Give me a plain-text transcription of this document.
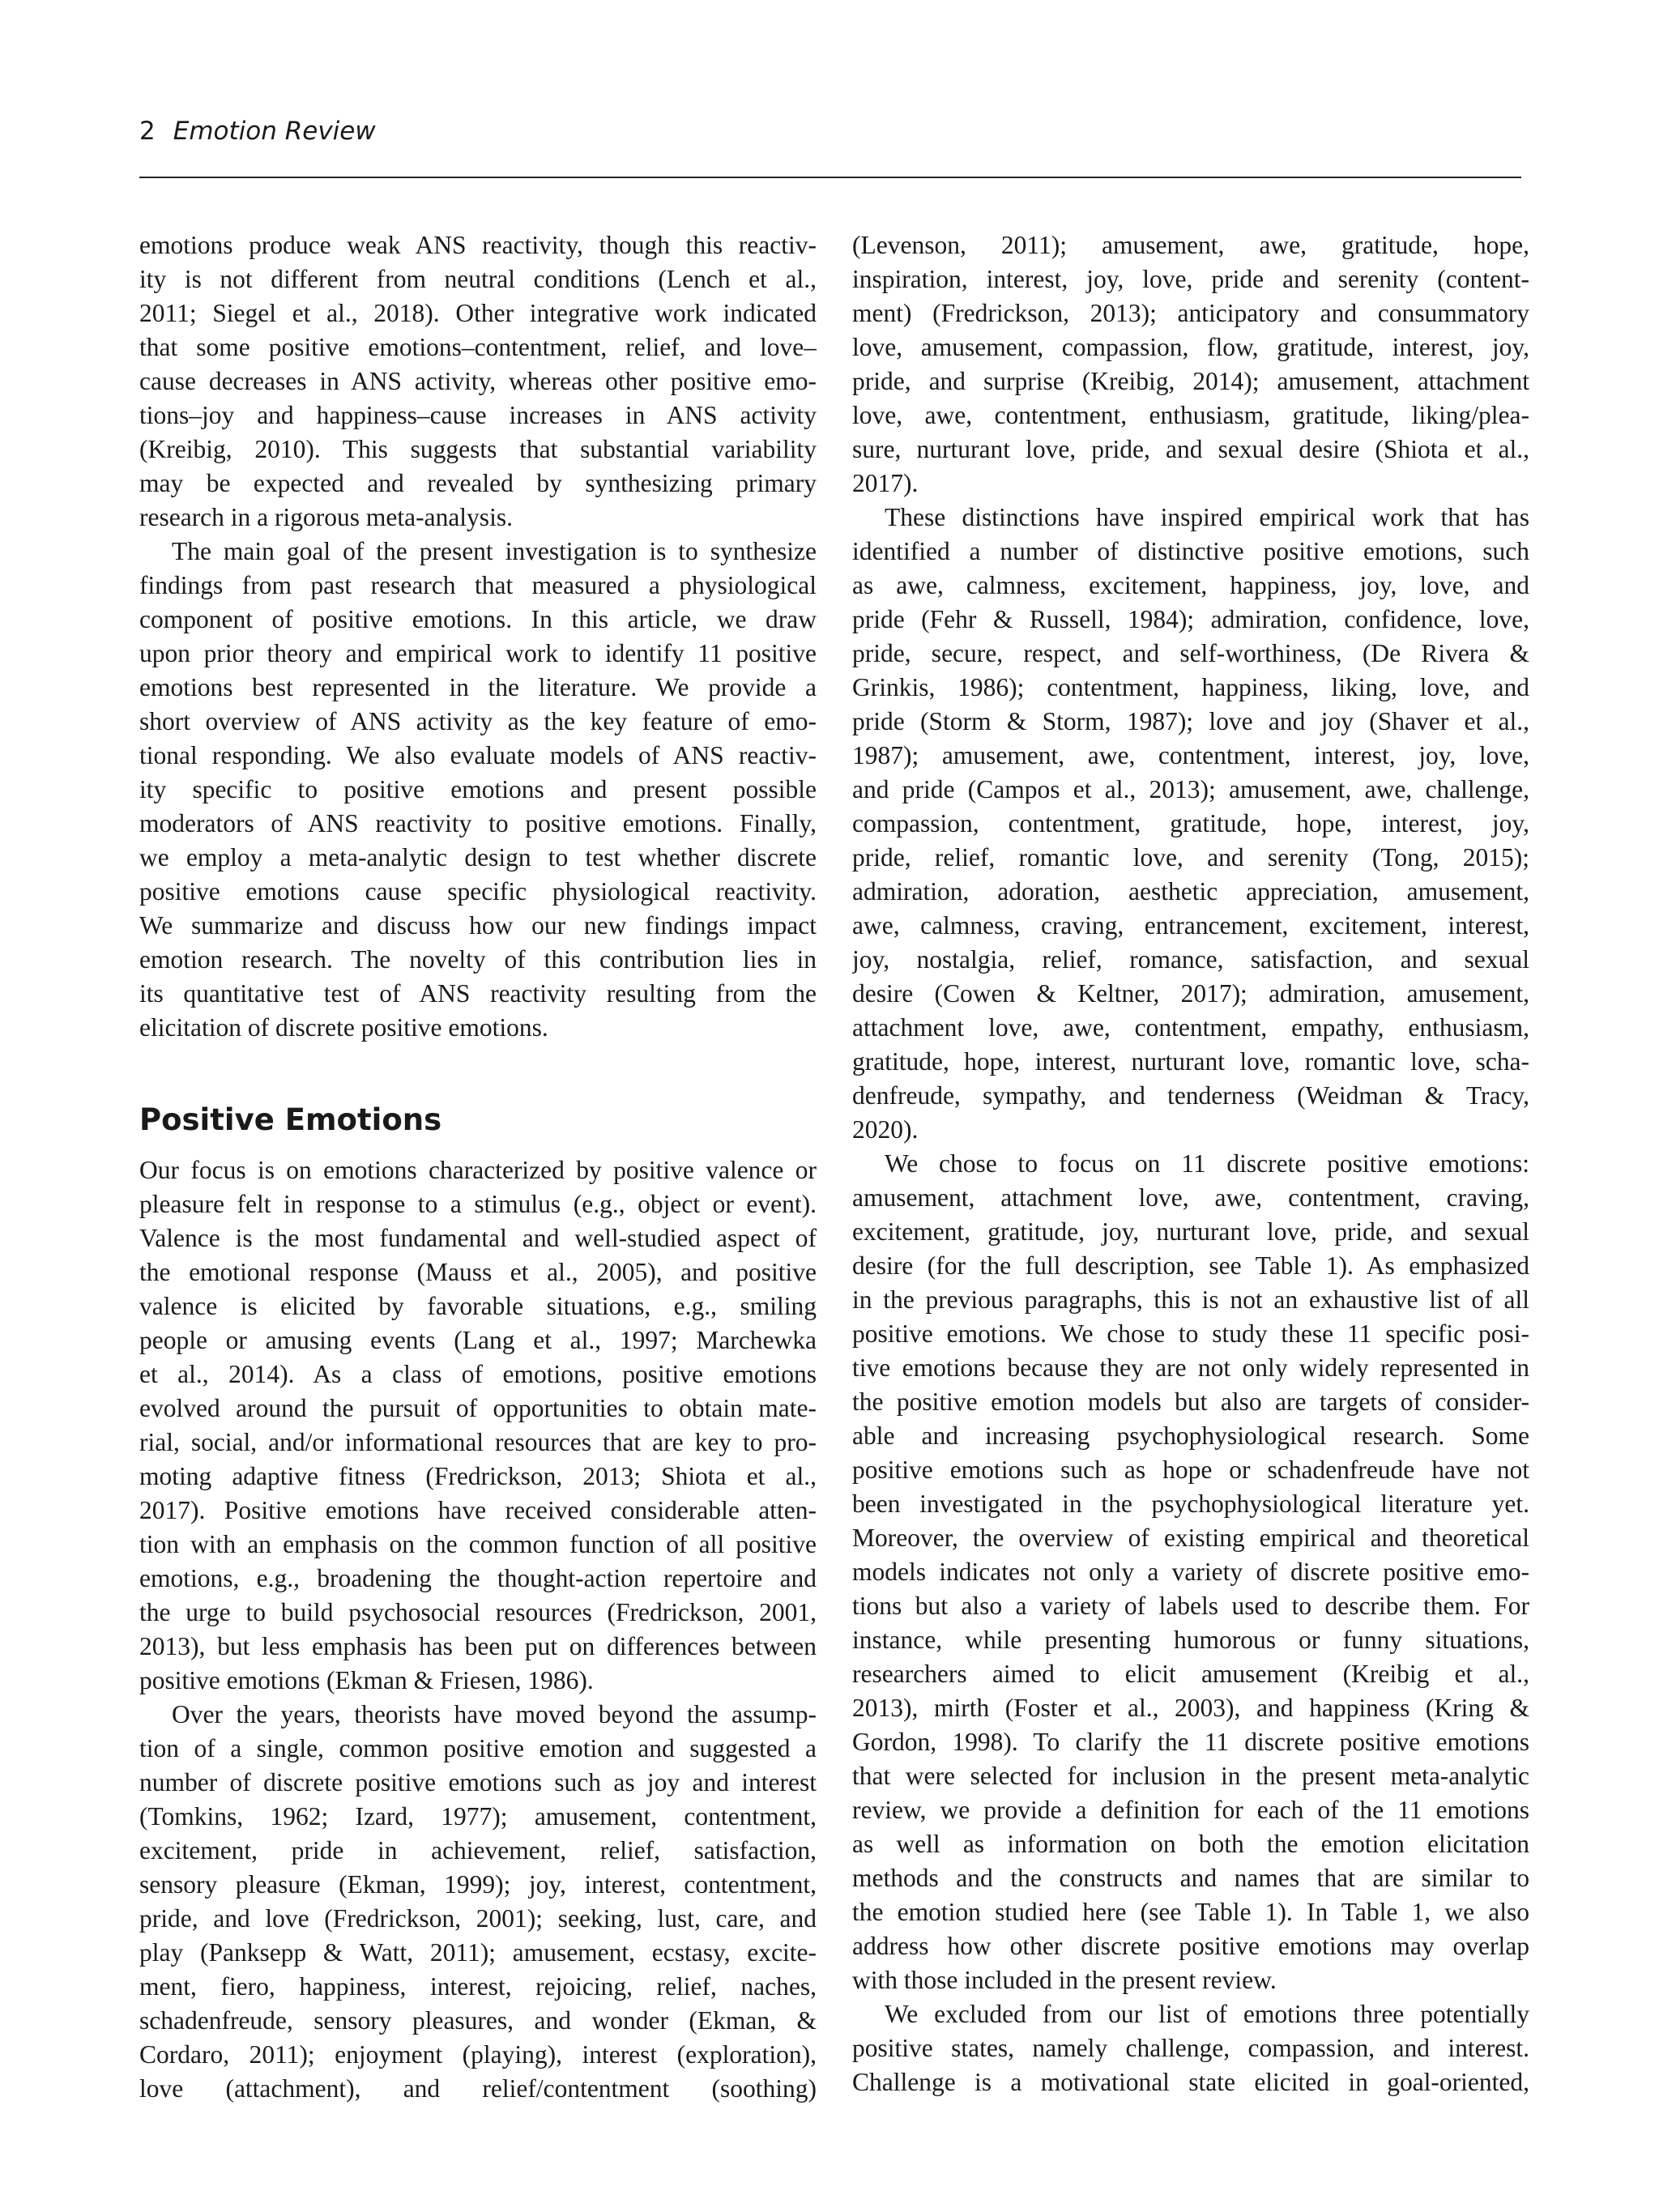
2 Emotion Review
emotions produce weak ANS reactivity, though this reactiv-
ity is not different from neutral conditions (Lench et al.,
2011; Siegel et al., 2018). Other integrative work indicated
that some positive emotions–contentment, relief, and love–
cause decreases in ANS activity, whereas other positive emo-
tions–joy and happiness–cause increases in ANS activity
(Kreibig, 2010). This suggests that substantial variability
may be expected and revealed by synthesizing primary
research in a rigorous meta-analysis.
The main goal of the present investigation is to synthesize
findings from past research that measured a physiological
component of positive emotions. In this article, we draw
upon prior theory and empirical work to identify 11 positive
emotions best represented in the literature. We provide a
short overview of ANS activity as the key feature of emo-
tional responding. We also evaluate models of ANS reactiv-
ity specific to positive emotions and present possible
moderators of ANS reactivity to positive emotions. Finally,
we employ a meta-analytic design to test whether discrete
positive emotions cause specific physiological reactivity.
We summarize and discuss how our new findings impact
emotion research. The novelty of this contribution lies in
its quantitative test of ANS reactivity resulting from the
elicitation of discrete positive emotions.
Positive Emotions
Our focus is on emotions characterized by positive valence or
pleasure felt in response to a stimulus (e.g., object or event).
Valence is the most fundamental and well-studied aspect of
the emotional response (Mauss et al., 2005), and positive
valence is elicited by favorable situations, e.g., smiling
people or amusing events (Lang et al., 1997; Marchewka
et al., 2014). As a class of emotions, positive emotions
evolved around the pursuit of opportunities to obtain mate-
rial, social, and/or informational resources that are key to pro-
moting adaptive fitness (Fredrickson, 2013; Shiota et al.,
2017). Positive emotions have received considerable atten-
tion with an emphasis on the common function of all positive
emotions, e.g., broadening the thought-action repertoire and
the urge to build psychosocial resources (Fredrickson, 2001,
2013), but less emphasis has been put on differences between
positive emotions (Ekman & Friesen, 1986).
Over the years, theorists have moved beyond the assump-
tion of a single, common positive emotion and suggested a
number of discrete positive emotions such as joy and interest
(Tomkins, 1962; Izard, 1977); amusement, contentment,
excitement, pride in achievement, relief, satisfaction,
sensory pleasure (Ekman, 1999); joy, interest, contentment,
pride, and love (Fredrickson, 2001); seeking, lust, care, and
play (Panksepp & Watt, 2011); amusement, ecstasy, excite-
ment, fiero, happiness, interest, rejoicing, relief, naches,
schadenfreude, sensory pleasures, and wonder (Ekman, &
Cordaro, 2011); enjoyment (playing), interest (exploration),
love (attachment), and relief/contentment (soothing)
(Levenson, 2011); amusement, awe, gratitude, hope,
inspiration, interest, joy, love, pride and serenity (content-
ment) (Fredrickson, 2013); anticipatory and consummatory
love, amusement, compassion, flow, gratitude, interest, joy,
pride, and surprise (Kreibig, 2014); amusement, attachment
love, awe, contentment, enthusiasm, gratitude, liking/plea-
sure, nurturant love, pride, and sexual desire (Shiota et al.,
2017).
These distinctions have inspired empirical work that has
identified a number of distinctive positive emotions, such
as awe, calmness, excitement, happiness, joy, love, and
pride (Fehr & Russell, 1984); admiration, confidence, love,
pride, secure, respect, and self-worthiness, (De Rivera &
Grinkis, 1986); contentment, happiness, liking, love, and
pride (Storm & Storm, 1987); love and joy (Shaver et al.,
1987); amusement, awe, contentment, interest, joy, love,
and pride (Campos et al., 2013); amusement, awe, challenge,
compassion, contentment, gratitude, hope, interest, joy,
pride, relief, romantic love, and serenity (Tong, 2015);
admiration, adoration, aesthetic appreciation, amusement,
awe, calmness, craving, entrancement, excitement, interest,
joy, nostalgia, relief, romance, satisfaction, and sexual
desire (Cowen & Keltner, 2017); admiration, amusement,
attachment love, awe, contentment, empathy, enthusiasm,
gratitude, hope, interest, nurturant love, romantic love, scha-
denfreude, sympathy, and tenderness (Weidman & Tracy,
2020).
We chose to focus on 11 discrete positive emotions:
amusement, attachment love, awe, contentment, craving,
excitement, gratitude, joy, nurturant love, pride, and sexual
desire (for the full description, see Table 1). As emphasized
in the previous paragraphs, this is not an exhaustive list of all
positive emotions. We chose to study these 11 specific posi-
tive emotions because they are not only widely represented in
the positive emotion models but also are targets of consider-
able and increasing psychophysiological research. Some
positive emotions such as hope or schadenfreude have not
been investigated in the psychophysiological literature yet.
Moreover, the overview of existing empirical and theoretical
models indicates not only a variety of discrete positive emo-
tions but also a variety of labels used to describe them. For
instance, while presenting humorous or funny situations,
researchers aimed to elicit amusement (Kreibig et al.,
2013), mirth (Foster et al., 2003), and happiness (Kring &
Gordon, 1998). To clarify the 11 discrete positive emotions
that were selected for inclusion in the present meta-analytic
review, we provide a definition for each of the 11 emotions
as well as information on both the emotion elicitation
methods and the constructs and names that are similar to
the emotion studied here (see Table 1). In Table 1, we also
address how other discrete positive emotions may overlap
with those included in the present review.
We excluded from our list of emotions three potentially
positive states, namely challenge, compassion, and interest.
Challenge is a motivational state elicited in goal-oriented,
